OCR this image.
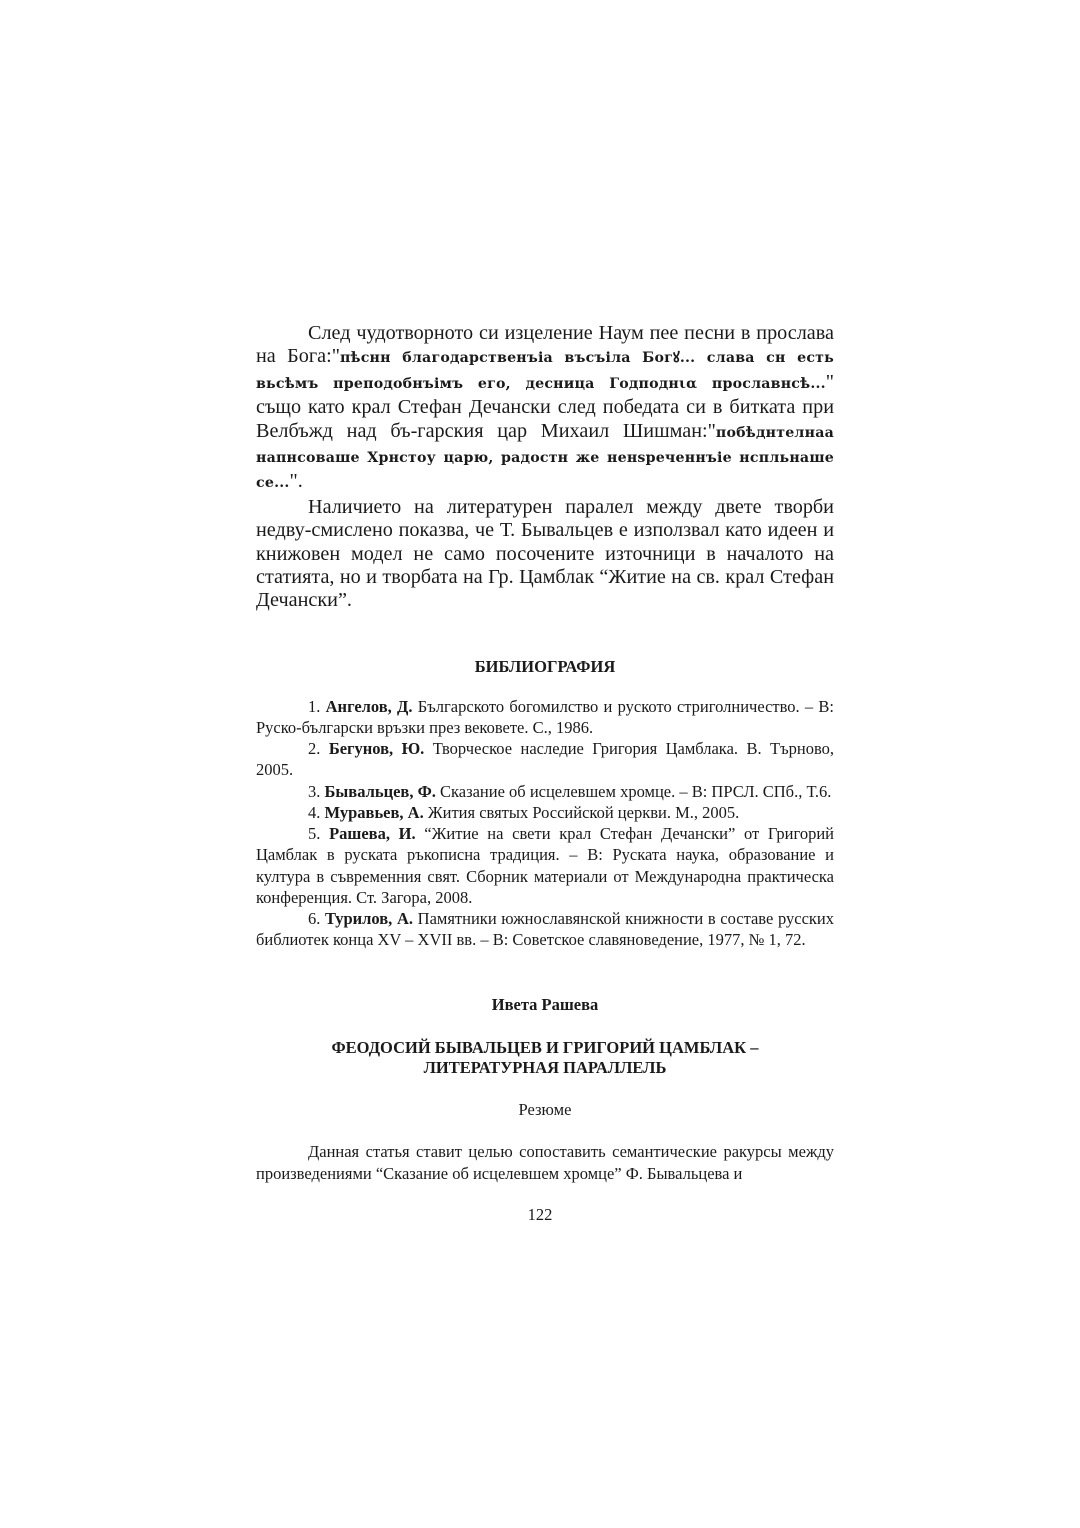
След чудотворното си изцеление Наум пее песни в прослава на Бога:"пѣснн благодарственъіа въсъіла Богꙋ... слава сн есть вьсѣмъ преподобнъімъ его, десница Годподнια прославнсѣ..." също като крал Стефан Дечански след победата си в битката при Велбъжд над бъ-гарския цар Михаил Шишман:"побѣднтелнаа напнсоваше Хрнстоу царю, радостн же ненѕреченнъіе нспльнаше се...".

Наличието на литературен паралел между двете творби недву-смислено показва, че Т. Бывальцев е използвал като идеен и книжовен модел не само посочените източници в началото на статията, но и творбата на Гр. Цамблак “Житие на св. крал Стефан Дечански”.

БИБЛИОГРАФИЯ

1. Ангелов, Д. Българското богомилство и руското стриголничество. – В: Руско-български връзки през вековете. С., 1986.

2. Бегунов, Ю. Творческое наследие Григория Цамблака. В. Търново, 2005.

3. Бывальцев, Ф. Сказание об исцелевшем хромце. – В: ПРСЛ. СПб., Т.6.

4. Муравьев, А. Жития святых Российской церкви. М., 2005.

5. Рашева, И. “Житие на свети крал Стефан Дечански” от Григорий Цамблак в руската ръкописна традиция. – В: Руската наука, образование и култура в съвременния свят. Сборник материали от Международна практическа конференция. Ст. Загора, 2008.

6. Турилов, А. Памятники южнославянской книжности в составе русских библиотек конца XV – XVII вв. – В: Советское славяноведение, 1977, № 1, 72.

Ивета Рашева
ФЕОДОСИЙ БЫВАЛЬЦЕВ И ГРИГОРИЙ ЦАМБЛАК –
ЛИТЕРАТУРНАЯ ПАРАЛЛЕЛЬ
Резюме

Данная статья ставит целью сопоставить семантические ракурсы между произведениями “Сказание об исцелевшем хромце” Ф. Бывальцева и

122
